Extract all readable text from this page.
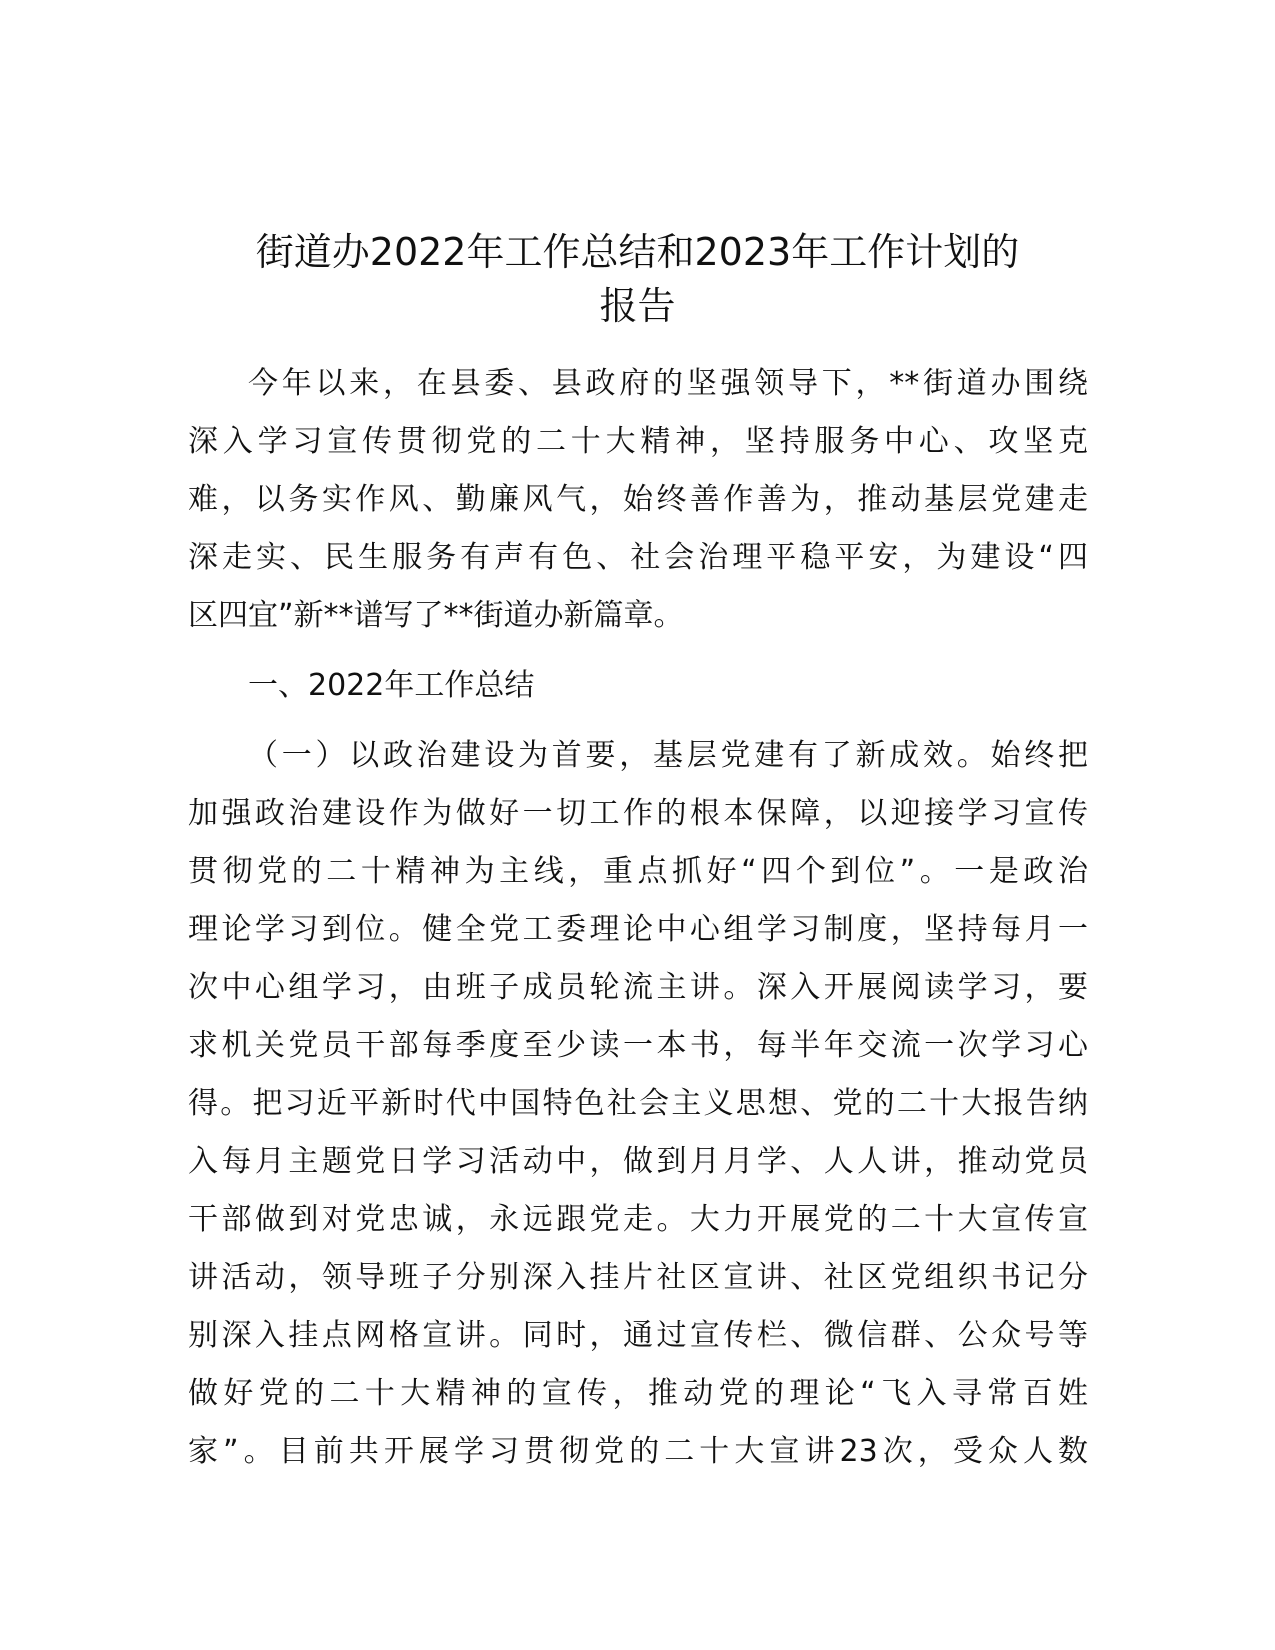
街道办2022年工作总结和2023年工作计划的
报告

今年以来，在县委、县政府的坚强领导下，**街道办围绕
深入学习宣传贯彻党的二十大精神，坚持服务中心、攻坚克
难，以务实作风、勤廉风气，始终善作善为，推动基层党建走
深走实、民生服务有声有色、社会治理平稳平安，为建设“四
区四宜”新**谱写了**街道办新篇章。

一、2022年工作总结

（一）以政治建设为首要，基层党建有了新成效。始终把
加强政治建设作为做好一切工作的根本保障，以迎接学习宣传
贯彻党的二十精神为主线，重点抓好“四个到位”。一是政治
理论学习到位。健全党工委理论中心组学习制度，坚持每月一
次中心组学习，由班子成员轮流主讲。深入开展阅读学习，要
求机关党员干部每季度至少读一本书，每半年交流一次学习心
得。把习近平新时代中国特色社会主义思想、党的二十大报告纳
入每月主题党日学习活动中，做到月月学、人人讲，推动党员
干部做到对党忠诚，永远跟党走。大力开展党的二十大宣传宣
讲活动，领导班子分别深入挂片社区宣讲、社区党组织书记分
别深入挂点网格宣讲。同时，通过宣传栏、微信群、公众号等
做好党的二十大精神的宣传，推动党的理论“飞入寻常百姓
家”。目前共开展学习贯彻党的二十大宣讲23次，受众人数
